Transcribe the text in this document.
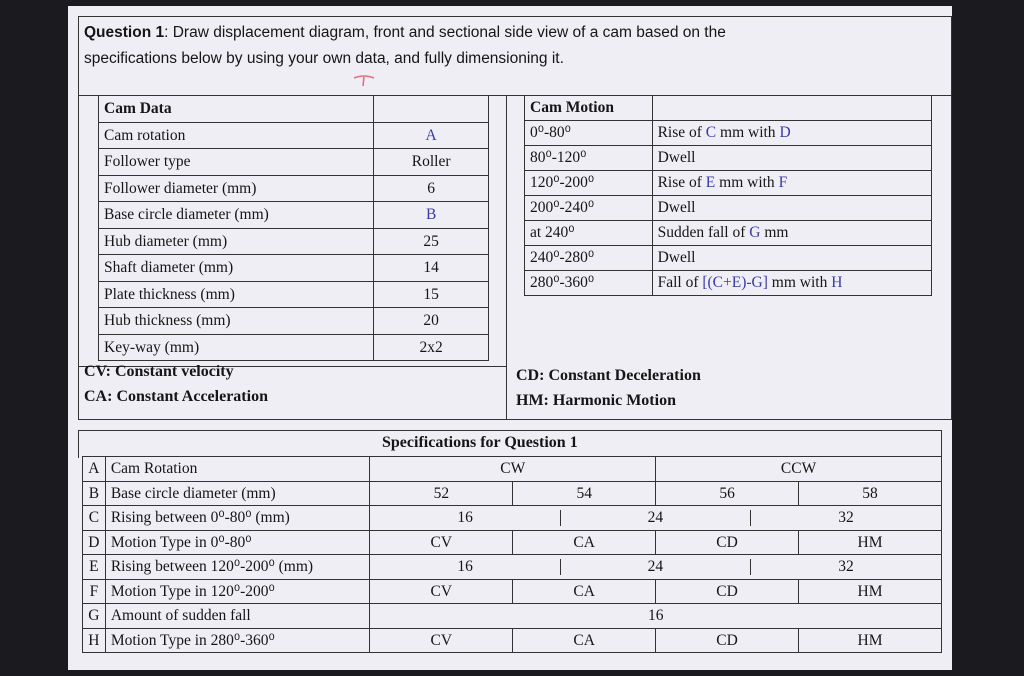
Question 1: Draw displacement diagram, front and sectional side view of a cam based on the
specifications below by using your own data, and fully dimensioning it.
Cam Data	
Cam rotation	A
Follower type	Roller
Follower diameter (mm)	6
Base circle diameter (mm)	B
Hub diameter (mm)	25
Shaft diameter (mm)	14
Plate thickness (mm)	15
Hub thickness (mm)	20
Key-way (mm)	2x2
Cam Motion	
0⁰-80⁰	Rise of C mm with D
80⁰-120⁰	Dwell
120⁰-200⁰	Rise of E mm with F
200⁰-240⁰	Dwell
at 240⁰	Sudden fall of G mm
240⁰-280⁰	Dwell
280⁰-360⁰	Fall of [(C+E)-G] mm with H
CV: Constant velocity
CA: Constant Acceleration
CD: Constant Deceleration
HM: Harmonic Motion
Specifications for Question 1
A	Cam Rotation	CW		CCW	
B	Base circle diameter (mm)	52	54	56	58
C	Rising between 0⁰-80⁰ (mm)	16 24 32			

D	Motion Type in 0⁰-80⁰	CV	CA	CD	HM
E	Rising between 120⁰-200⁰ (mm)	16 24 32			

F	Motion Type in 120⁰-200⁰	CV	CA	CD	HM
G	Amount of sudden fall	16			
H	Motion Type in 280⁰-360⁰	CV	CA	CD	HM
